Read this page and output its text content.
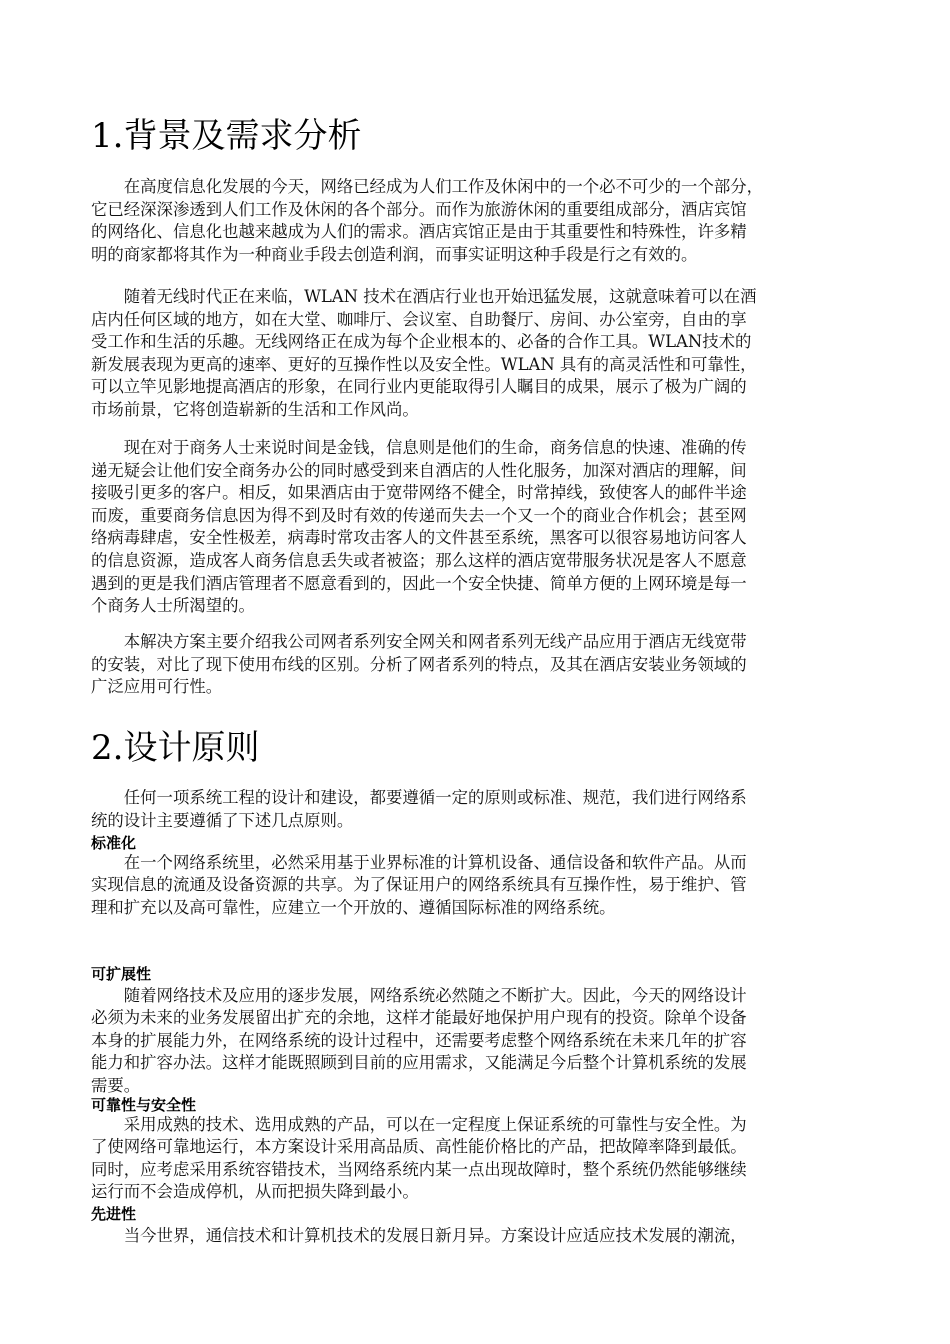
1.背景及需求分析
　　在高度信息化发展的今天，网络已经成为人们工作及休闲中的一个必不可少的一个部分，
它已经深深渗透到人们工作及休闲的各个部分。而作为旅游休闲的重要组成部分，酒店宾馆
的网络化、信息化也越来越成为人们的需求。酒店宾馆正是由于其重要性和特殊性，许多精
明的商家都将其作为一种商业手段去创造利润，而事实证明这种手段是行之有效的。
　　随着无线时代正在来临，WLAN 技术在酒店行业也开始迅猛发展，这就意味着可以在酒
店内任何区域的地方，如在大堂、咖啡厅、会议室、自助餐厅、房间、办公室旁，自由的享
受工作和生活的乐趣。无线网络正在成为每个企业根本的、必备的合作工具。WLAN技术的
新发展表现为更高的速率、更好的互操作性以及安全性。WLAN 具有的高灵活性和可靠性，
可以立竿见影地提高酒店的形象，在同行业内更能取得引人瞩目的成果，展示了极为广阔的
市场前景，它将创造崭新的生活和工作风尚。
　　现在对于商务人士来说时间是金钱，信息则是他们的生命，商务信息的快速、准确的传
递无疑会让他们安全商务办公的同时感受到来自酒店的人性化服务，加深对酒店的理解，间
接吸引更多的客户。相反，如果酒店由于宽带网络不健全，时常掉线，致使客人的邮件半途
而废，重要商务信息因为得不到及时有效的传递而失去一个又一个的商业合作机会；甚至网
络病毒肆虐，安全性极差，病毒时常攻击客人的文件甚至系统，黑客可以很容易地访问客人
的信息资源，造成客人商务信息丢失或者被盗；那么这样的酒店宽带服务状况是客人不愿意
遇到的更是我们酒店管理者不愿意看到的，因此一个安全快捷、简单方便的上网环境是每一
个商务人士所渴望的。
　　本解决方案主要介绍我公司网者系列安全网关和网者系列无线产品应用于酒店无线宽带
的安装，对比了现下使用布线的区别。分析了网者系列的特点，及其在酒店安装业务领域的
广泛应用可行性。
2.设计原则
　　任何一项系统工程的设计和建设，都要遵循一定的原则或标准、规范，我们进行网络系
统的设计主要遵循了下述几点原则。
标准化
　　在一个网络系统里，必然采用基于业界标准的计算机设备、通信设备和软件产品。从而
实现信息的流通及设备资源的共享。为了保证用户的网络系统具有互操作性，易于维护、管
理和扩充以及高可靠性，应建立一个开放的、遵循国际标准的网络系统。
可扩展性
　　随着网络技术及应用的逐步发展，网络系统必然随之不断扩大。因此，今天的网络设计
必须为未来的业务发展留出扩充的余地，这样才能最好地保护用户现有的投资。除单个设备
本身的扩展能力外，在网络系统的设计过程中，还需要考虑整个网络系统在未来几年的扩容
能力和扩容办法。这样才能既照顾到目前的应用需求，又能满足今后整个计算机系统的发展
需要。
可靠性与安全性
　　采用成熟的技术、选用成熟的产品，可以在一定程度上保证系统的可靠性与安全性。为
了使网络可靠地运行，本方案设计采用高品质、高性能价格比的产品，把故障率降到最低。
同时，应考虑采用系统容错技术，当网络系统内某一点出现故障时，整个系统仍然能够继续
运行而不会造成停机，从而把损失降到最小。
先进性
　　当今世界，通信技术和计算机技术的发展日新月异。方案设计应适应技术发展的潮流，
